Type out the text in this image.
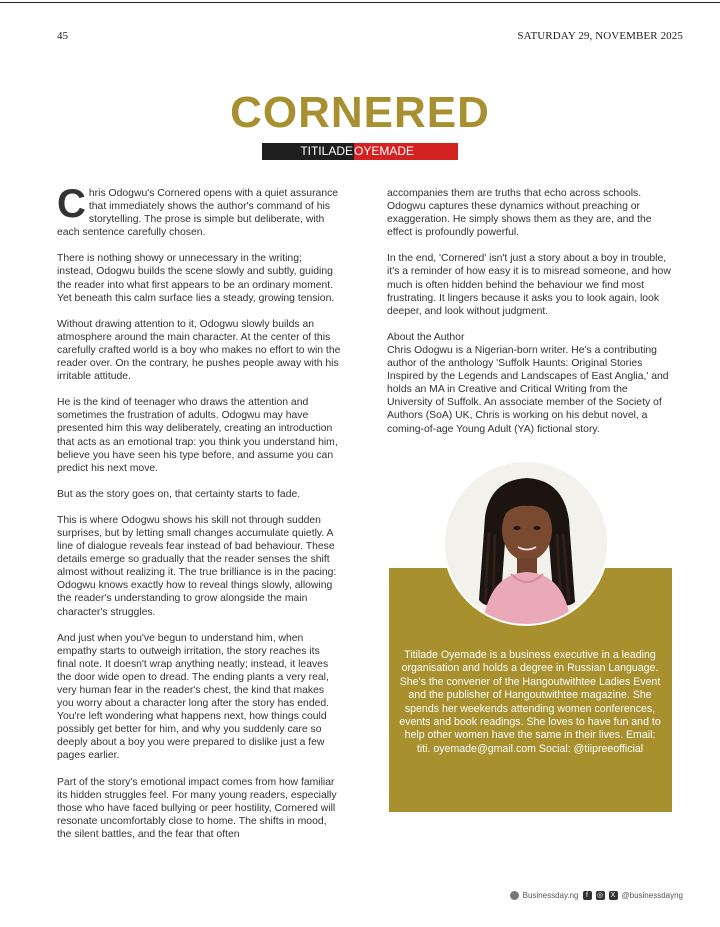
45	SATURDAY 29, NOVEMBER 2025
CORNERED
TITILADE OYEMADE

Chris Odogwu's Cornered opens with a quiet assurance that immediately shows the author's command of his storytelling. The prose is simple but deliberate, with each sentence carefully chosen.

There is nothing showy or unnecessary in the writing; instead, Odogwu builds the scene slowly and subtly, guiding the reader into what first appears to be an ordinary moment. Yet beneath this calm surface lies a steady, growing tension.

Without drawing attention to it, Odogwu slowly builds an atmosphere around the main character. At the center of this carefully crafted world is a boy who makes no effort to win the reader over. On the contrary, he pushes people away with his irritable attitude.

He is the kind of teenager who draws the attention and sometimes the frustration of adults. Odogwu may have presented him this way deliberately, creating an introduction that acts as an emotional trap: you think you understand him, believe you have seen his type before, and assume you can predict his next move.

But as the story goes on, that certainty starts to fade.

This is where Odogwu shows his skill not through sudden surprises, but by letting small changes accumulate quietly. A line of dialogue reveals fear instead of bad behaviour. These details emerge so gradually that the reader senses the shift almost without realizing it. The true brilliance is in the pacing: Odogwu knows exactly how to reveal things slowly, allowing the reader's understanding to grow alongside the main character's struggles.

And just when you've begun to understand him, when empathy starts to outweigh irritation, the story reaches its final note. It doesn't wrap anything neatly; instead, it leaves the door wide open to dread. The ending plants a very real, very human fear in the reader's chest, the kind that makes you worry about a character long after the story has ended. You're left wondering what happens next, how things could possibly get better for him, and why you suddenly care so deeply about a boy you were prepared to dislike just a few pages earlier.

Part of the story's emotional impact comes from how familiar its hidden struggles feel. For many young readers, especially those who have faced bullying or peer hostility, Cornered will resonate uncomfortably close to home. The shifts in mood, the silent battles, and the fear that often

accompanies them are truths that echo across schools. Odogwu captures these dynamics without preaching or exaggeration. He simply shows them as they are, and the effect is profoundly powerful.

In the end, 'Cornered' isn't just a story about a boy in trouble, it's a reminder of how easy it is to misread someone, and how much is often hidden behind the behaviour we find most frustrating. It lingers because it asks you to look again, look deeper, and look without judgment.

About the Author

Chris Odogwu is a Nigerian-born writer. He's a contributing author of the anthology 'Suffolk Haunts: Original Stories Inspired by the Legends and Landscapes of East Anglia,' and holds an MA in Creative and Critical Writing from the University of Suffolk. An associate member of the Society of Authors (SoA) UK, Chris is working on his debut novel, a coming-of-age Young Adult (YA) fictional story.

Titilade Oyemade is a business executive in a leading organisation and holds a degree in Russian Language. She's the convener of the Hangoutwithtee Ladies Event and the publisher of Hangoutwithtee magazine. She spends her weekends attending women conferences, events and book readings. She loves to have fun and to help other women have the same in their lives. Email: titi. oyemade@gmail.com Social: @tiipreeofficial
Businessday.ng	f	◎	X @businessdayng
